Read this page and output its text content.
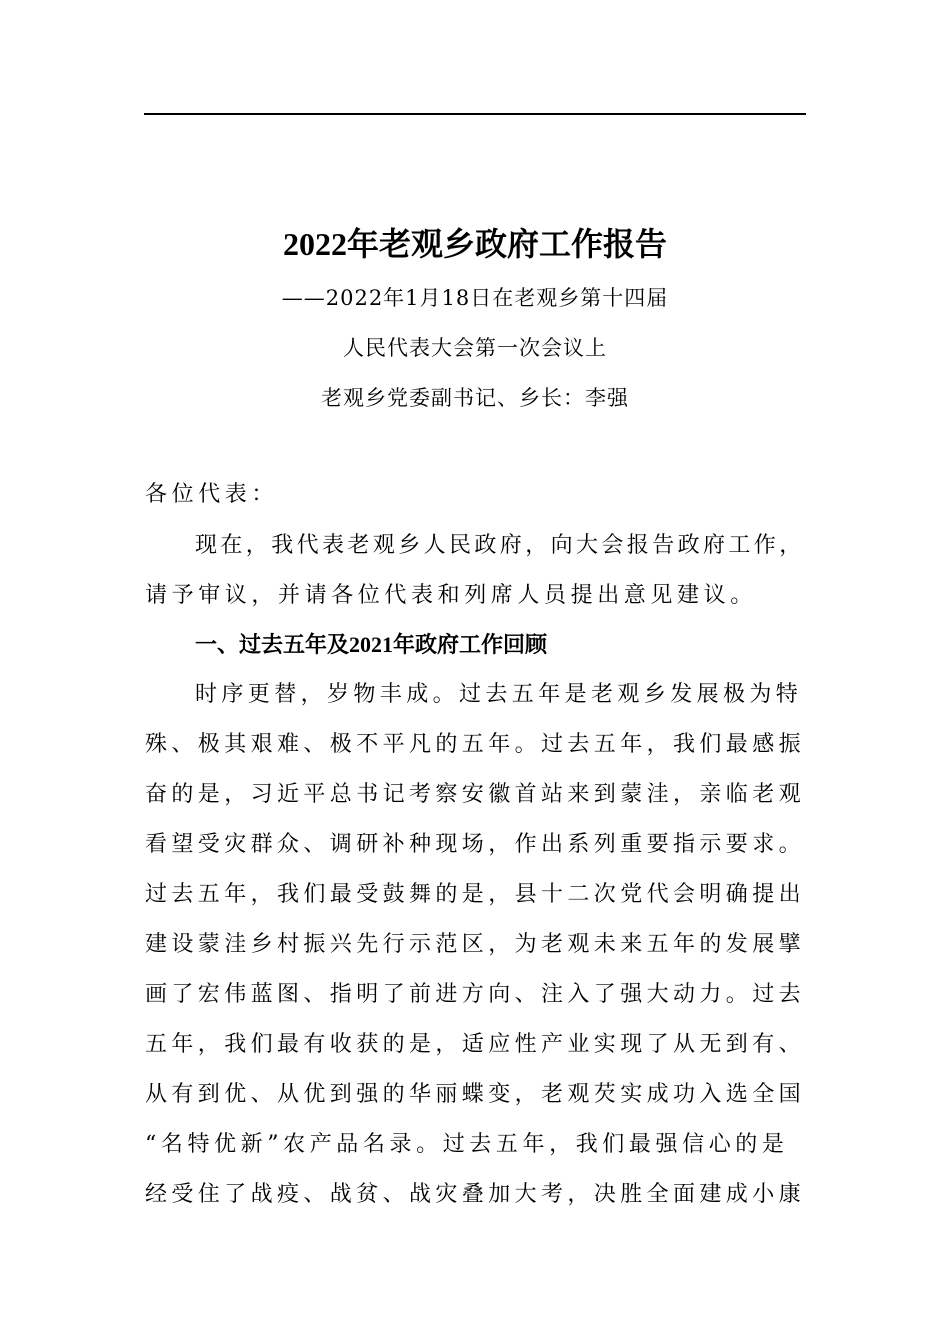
2022年老观乡政府工作报告
——2022年1月18日在老观乡第十四届
人民代表大会第一次会议上
老观乡党委副书记、乡长：李强
各位代表：
现在，我代表老观乡人民政府，向大会报告政府工作，
请予审议，并请各位代表和列席人员提出意见建议。
一、过去五年及2021年政府工作回顾
时序更替，岁物丰成。过去五年是老观乡发展极为特
殊、极其艰难、极不平凡的五年。过去五年，我们最感振
奋的是，习近平总书记考察安徽首站来到蒙洼，亲临老观
看望受灾群众、调研补种现场，作出系列重要指示要求。
过去五年，我们最受鼓舞的是，县十二次党代会明确提出
建设蒙洼乡村振兴先行示范区，为老观未来五年的发展擘
画了宏伟蓝图、指明了前进方向、注入了强大动力。过去
五年，我们最有收获的是，适应性产业实现了从无到有、
从有到优、从优到强的华丽蝶变，老观芡实成功入选全国
“名特优新”农产品名录。过去五年，我们最强信心的是
经受住了战疫、战贫、战灾叠加大考，决胜全面建成小康
